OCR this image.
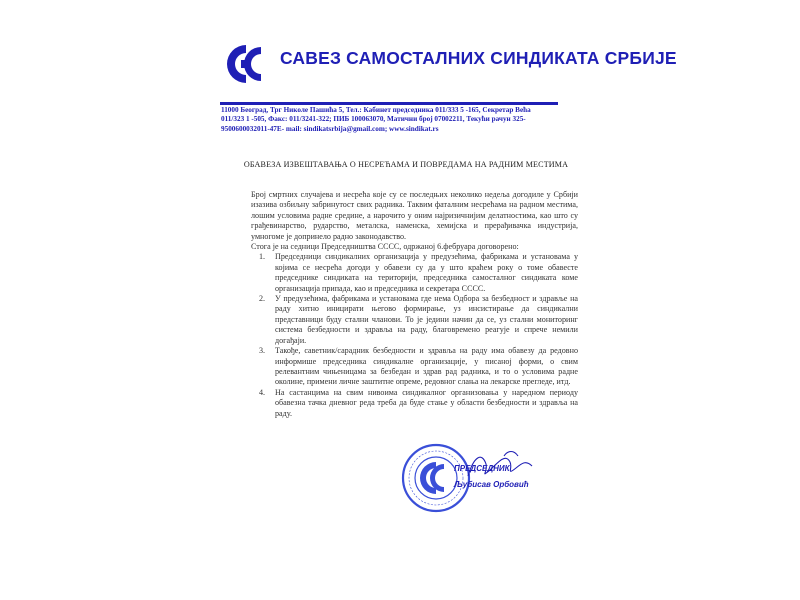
САВЕЗ САМОСТАЛНИХ СИНДИКАТА СРБИЈЕ
11000 Београд, Трг Николе Пашића 5, Тел.: Кабинет председника 011/333 5 -165, Секретар Већа
011/323 1 -505, Факс: 011/3241-322; ПИБ 100063070, Матични број 07002211, Текући рачун 325-
9500600032011-47Е- mail: sindikatsrbija@gmail.com; www.sindikat.rs
ОБАВЕЗА ИЗВЕШТАВАЊА О НЕСРЕЋАМА И ПОВРЕДАМА НА РАДНИМ МЕСТИМА

Број смртних случајева и несрећа које су се последњих неколико недеља догодиле у Србији изазива озбиљну забринутост свих радника. Таквим фаталним несрећама на радном местима, лошим условима радне средине, а нарочито у оним најризичнијим делатностима, као што су грађевинарство, рударство, металска, наменска, хемијска и прерађивачка индустрија, умногоме је допринело радно законодавство.

Стога је на седници Председништва СССС, одржаној 6.фебруара договорено:

1. Председници синдикалних организација у предузећима, фабрикама и установама у којима се несрећа догоди у обавези су да у што краћем року о томе обавесте председнике синдиката на територији, председника самосталног синдиката коме организација припада, као и председника и секретара СССС.
2. У предузећима, фабрикама и установама где нема Одбора за безбедност и здравље на раду хитно иницирати његово формирање, уз инсистирање да синдикални представници буду стални чланови. То је једини начин да се, уз стални мониторинг система безбедности и здравља на раду, благовремено реагује и спрече немили догађаји.
3. Такође, саветник/сарадник безбедности и здравља на раду има обавезу да редовно информише председника синдикалне организације, у писаној форми, о свим релевантним чињеницама за безбедан и здрав рад радника, и то о условима радне околине, примени личне заштитне опреме, редовног слања на лекарске прегледе, итд.
4. На састанцима на свим нивоима синдикалног организовања у наредном периоду обавезна тачка дневног реда треба да буде стање у области безбедности и здравља на раду.
ПРЕДСЕДНИК
Љубисав Орбовић
